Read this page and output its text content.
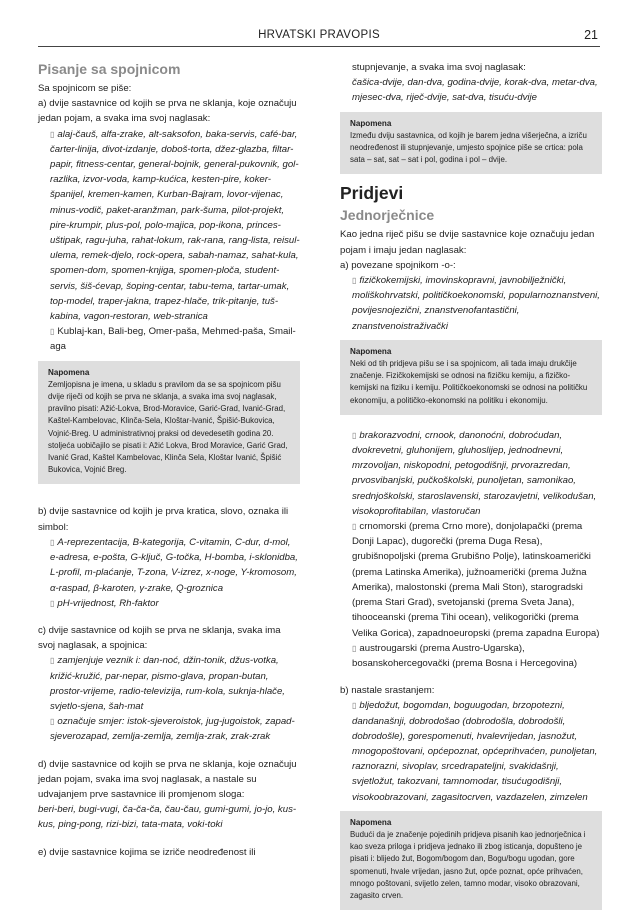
HRVATSKI PRAVOPIS	21
Pisanje sa spojnicom

Sa spojnicom se piše:

a) dvije sastavnice od kojih se prva ne sklanja, koje označuju jedan pojam, a svaka ima svoj naglasak:

▯ alaj-čauš, alfa-zrake, alt-saksofon, baka-servis, café-bar, čarter-linija, divot-izdanje, doboš-torta, džez-glazba, filtar-papir, fitness-centar, general-bojnik, general-pukovnik, gol-razlika, izvor-voda, kamp-kućica, kesten-pire, koker-španijel, kremen-kamen, Kurban-Bajram, lovor-vijenac, minus-vodič, paket-aranžman, park-šuma, pilot-projekt, pire-krumpir, plus-pol, polo-majica, pop-ikona, princes-uštipak, ragu-juha, rahat-lokum, rak-rana, rang-lista, reisul-ulema, remek-djelo, rock-opera, sabah-namaz, sahat-kula, spomen-dom, spomen-knjiga, spomen-ploča, student-servis, šiš-ćevap, šoping-centar, tabu-tema, tartar-umak, top-model, traper-jakna, trapez-hlače, trik-pitanje, tuš-kabina, vagon-restoran, web-stranica

▯ Kublaj-kan, Bali-beg, Omer-paša, Mehmed-paša, Smail-aga

Napomena
Zemljopisna je imena, u skladu s pravilom da se sa spojnicom pišu dvije riječi od kojih se prva ne sklanja, a svaka ima svoj naglasak, pravilno pisati: Ažić-Lokva, Brod-Moravice, Garić-Grad, Ivanić-Grad, Kaštel-Kambelovac, Klinča-Sela, Kloštar-Ivanić, Špišić-Bukovica, Vojnić-Breg. U administrativnoj praksi od devedesetih godina 20. stoljeća uobičajilo se pisati i: Ažić Lokva, Brod Moravice, Garić Grad, Ivanić Grad, Kaštel Kambelovac, Klinča Sela, Kloštar Ivanić, Špišić Bukovica, Vojnić Breg.

b) dvije sastavnice od kojih je prva kratica, slovo, oznaka ili simbol:

▯ A-reprezentacija, B-kategorija, C-vitamin, C-dur, d-mol, e-adresa, e-pošta, G-ključ, G-točka, H-bomba, i-sklonidba, L-profil, m-plaćanje, T-zona, V-izrez, x-noge, Y-kromosom, α-raspad, β-karoten, γ-zrake, Q-groznica

▯ pH-vrijednost, Rh-faktor

c) dvije sastavnice od kojih se prva ne sklanja, svaka ima svoj naglasak, a spojnica:

▯ zamjenjuje veznik i: dan-noć, džin-tonik, džus-votka, križić-kružić, par-nepar, pismo-glava, propan-butan, prostor-vrijeme, radio-televizija, rum-kola, suknja-hlače, svjetlo-sjena, šah-mat

▯ označuje smjer: istok-sjeveroistok, jug-jugoistok, zapad-sjeverozapad, zemlja-zemlja, zemlja-zrak, zrak-zrak

d) dvije sastavnice od kojih se prva ne sklanja, koje označuju jedan pojam, svaka ima svoj naglasak, a nastale su udvajanjem prve sastavnice ili promjenom sloga:

beri-beri, bugi-vugi, ča-ča-ča, čau-čau, gumi-gumi, jo-jo, kus-kus, ping-pong, rizi-bizi, tata-mata, voki-toki

e) dvije sastavnice kojima se izriče neodređenost ili

stupnjevanje, a svaka ima svoj naglasak:

čašica-dvije, dan-dva, godina-dvije, korak-dva, metar-dva, mjesec-dva, riječ-dvije, sat-dva, tisuću-dvije

Napomena
Između dviju sastavnica, od kojih je barem jedna višerječna, a izriču neodređenost ili stupnjevanje, umjesto spojnice piše se crtica: pola sata – sat, sat – sat i pol, godina i pol – dvije.
Pridjevi
Jednorječnice

Kao jedna riječ pišu se dvije sastavnice koje označuju jedan pojam i imaju jedan naglasak:

a) povezane spojnikom -o-:

▯ fizičkokemijski, imovinskopravni, javnobilježnički, moliškohrvatski, političkoekonomski, popularnoznanstveni, povijesnojezični, znanstvenofantastični, znanstvenoistraživački

Napomena
Neki od tih pridjeva pišu se i sa spojnicom, ali tada imaju drukčije značenje. Fizičkokemijski se odnosi na fizičku kemiju, a fizičko-kemijski na fiziku i kemiju. Političkoekonomski se odnosi na političku ekonomiju, a političko-ekonomski na politiku i ekonomiju.

▯ brakorazvodni, crnook, danonoćni, dobroćudan, dvokrevetni, gluhonijem, gluhoslijep, jednodnevni, mrzovoljan, niskopodni, petogodišnji, prvorazredan, prvosvibanjski, pučkoškolski, punoljetan, samonikao, srednjoškolski, staroslavenski, starozavjetni, velikodušan, visokoprofitabilan, vlastoručan

▯ crnomorski (prema Crno more), donjolapački (prema Donji Lapac), dugorečki (prema Duga Resa), grubišnopoljski (prema Grubišno Polje), latinskoamerički (prema Latinska Amerika), južnoamerički (prema Južna Amerika), malostonski (prema Mali Ston), starogradski (prema Stari Grad), svetojanski (prema Sveta Jana), tihooceanski (prema Tihi ocean), velikogorički (prema Velika Gorica), zapadnoeuropski (prema zapadna Europa)

▯ austrougarski (prema Austro-Ugarska), bosanskohercegovački (prema Bosna i Hercegovina)

b) nastale srastanjem:

▯ bljedožut, bogomdan, boguugodan, brzopotezni, dandanašnji, dobrodošao (dobrodošla, dobrodošli, dobrodošle), gorespomenuti, hvalevrijedan, jasnožut, mnogopoštovani, općepoznat, općeprihvaćen, punoljetan, raznorazni, sivoplav, srcedrapateljni, svakidašnji, svjetložut, takozvani, tamnomodar, tisućugodišnji, visokoobrazovani, zagasitocrven, vazdazelen, zimzelen

Napomena
Budući da je značenje pojedinih pridjeva pisanih kao jednorječnica i kao sveza priloga i pridjeva jednako ili zbog isticanja, dopušteno je pisati i: blijedo žut, Bogom/bogom dan, Bogu/bogu ugodan, gore spomenuti, hvale vrijedan, jasno žut, opće poznat, opće prihvaćen, mnogo poštovani, svijetlo zelen, tamno modar, visoko obrazovani, zagasito crven.
